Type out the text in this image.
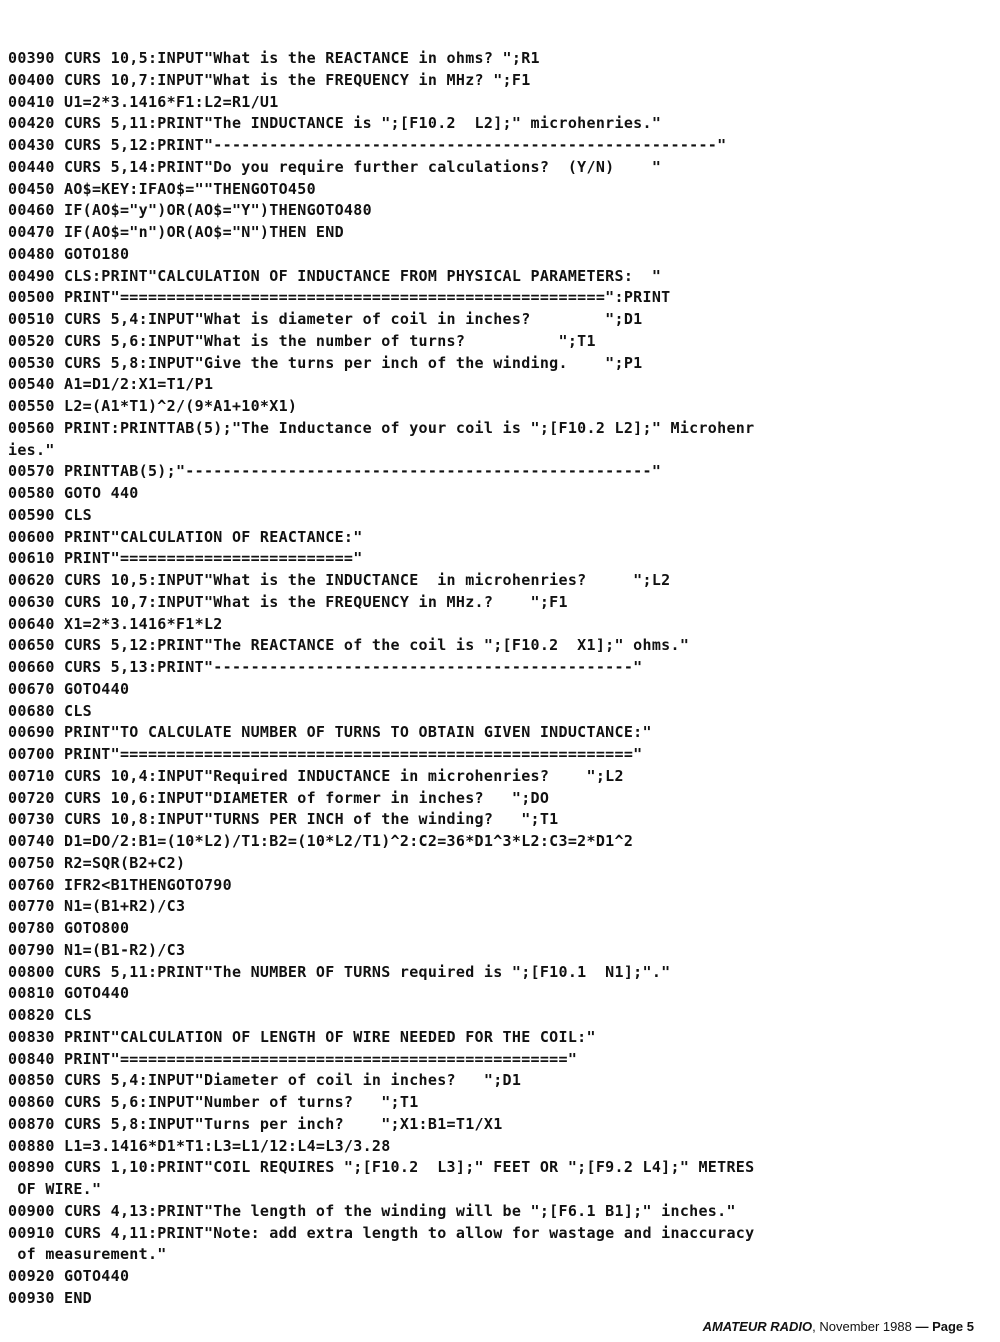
00390 CURS 10,5:INPUT"What is the REACTANCE in ohms? ";R1
00400 CURS 10,7:INPUT"What is the FREQUENCY in MHz? ";F1
00410 U1=2*3.1416*F1:L2=R1/U1
00420 CURS 5,11:PRINT"The INDUCTANCE is ";[F10.2  L2];" microhenries."
00430 CURS 5,12:PRINT"------------------------------------------------------"
00440 CURS 5,14:PRINT"Do you require further calculations?  (Y/N)    "
00450 AO$=KEY:IFAO$=""THENGOTO450
00460 IF(AO$="y")OR(AO$="Y")THENGOTO480
00470 IF(AO$="n")OR(AO$="N")THEN END
00480 GOTO180
00490 CLS:PRINT"CALCULATION OF INDUCTANCE FROM PHYSICAL PARAMETERS:  "
00500 PRINT"====================================================":PRINT
00510 CURS 5,4:INPUT"What is diameter of coil in inches?        ";D1
00520 CURS 5,6:INPUT"What is the number of turns?          ";T1
00530 CURS 5,8:INPUT"Give the turns per inch of the winding.    ";P1
00540 A1=D1/2:X1=T1/P1
00550 L2=(A1*T1)^2/(9*A1+10*X1)
00560 PRINT:PRINTTAB(5);"The Inductance of your coil is ";[F10.2 L2];" Microhenr
ies."
00570 PRINTTAB(5);"--------------------------------------------------"
00580 GOTO 440
00590 CLS
00600 PRINT"CALCULATION OF REACTANCE:"
00610 PRINT"========================="
00620 CURS 10,5:INPUT"What is the INDUCTANCE  in microhenries?     ";L2
00630 CURS 10,7:INPUT"What is the FREQUENCY in MHz.?    ";F1
00640 X1=2*3.1416*F1*L2
00650 CURS 5,12:PRINT"The REACTANCE of the coil is ";[F10.2  X1];" ohms."
00660 CURS 5,13:PRINT"---------------------------------------------"
00670 GOTO440
00680 CLS
00690 PRINT"TO CALCULATE NUMBER OF TURNS TO OBTAIN GIVEN INDUCTANCE:"
00700 PRINT"======================================================="
00710 CURS 10,4:INPUT"Required INDUCTANCE in microhenries?    ";L2
00720 CURS 10,6:INPUT"DIAMETER of former in inches?   ";DO
00730 CURS 10,8:INPUT"TURNS PER INCH of the winding?   ";T1
00740 D1=DO/2:B1=(10*L2)/T1:B2=(10*L2/T1)^2:C2=36*D1^3*L2:C3=2*D1^2
00750 R2=SQR(B2+C2)
00760 IFR2<B1THENGOTO790
00770 N1=(B1+R2)/C3
00780 GOTO800
00790 N1=(B1-R2)/C3
00800 CURS 5,11:PRINT"The NUMBER OF TURNS required is ";[F10.1  N1];"."
00810 GOTO440
00820 CLS
00830 PRINT"CALCULATION OF LENGTH OF WIRE NEEDED FOR THE COIL:"
00840 PRINT"================================================"
00850 CURS 5,4:INPUT"Diameter of coil in inches?   ";D1
00860 CURS 5,6:INPUT"Number of turns?   ";T1
00870 CURS 5,8:INPUT"Turns per inch?    ";X1:B1=T1/X1
00880 L1=3.1416*D1*T1:L3=L1/12:L4=L3/3.28
00890 CURS 1,10:PRINT"COIL REQUIRES ";[F10.2  L3];" FEET OR ";[F9.2 L4];" METRES
OF WIRE."
00900 CURS 4,13:PRINT"The length of the winding will be ";[F6.1 B1];" inches."
00910 CURS 4,11:PRINT"Note: add extra length to allow for wastage and inaccuracy
of measurement."
00920 GOTO440
00930 END
AMATEUR RADIO, November 1988 — Page 5
